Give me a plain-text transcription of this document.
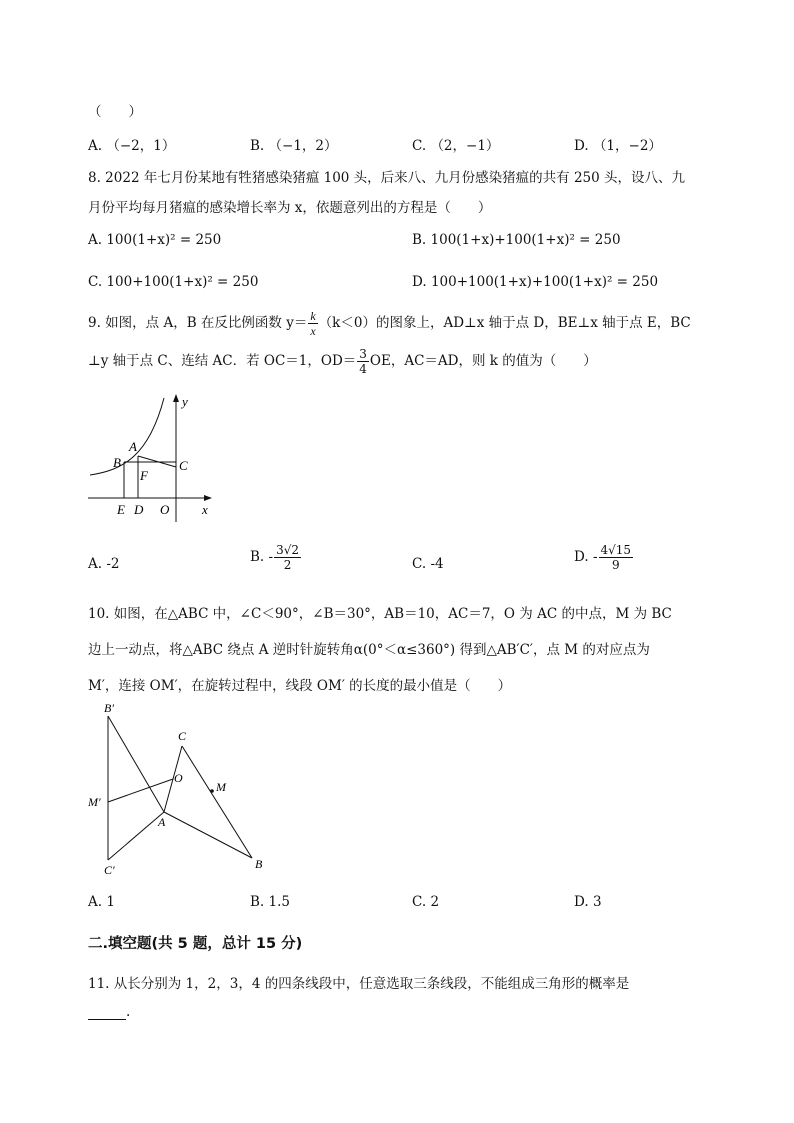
（　　）
A. （−2，1）	B. （−1，2）	C. （2，−1）	D. （1，−2）
8. 2022 年七月份某地有牲猪感染猪瘟 100 头，后来八、九月份感染猪瘟的共有 250 头，设八、九
月份平均每月猪瘟的感染增长率为 x，依题意列出的方程是（　　）
A. 100(1+x)² = 250	B. 100(1+x)+100(1+x)² = 250
C. 100+100(1+x)² = 250	D. 100+100(1+x)+100(1+x)² = 250
9. 如图，点 A，B 在反比例函数 $y= \frac{k}{x} (k<0)$的图象上，AD⊥x 轴于点 D，BE⊥x 轴于点 E，BC
⊥y 轴于点 C、连结 AC．若 OC＝1，$OD= \frac{3}{4}$ OE，AC＝AD，则 k 的值为（　　）
y
x
A
B	C
F
E D O
A. -2	B. - $\frac{3√2}{2}$	C. -4	D. - $\frac{4√15}{9}$
10. 如图，在△ABC 中，∠C＜90°，∠B＝30°，AB＝10，AC＝7，O 为 AC 的中点，M 为 BC
边上一动点，将△ABC 绕点 A 逆时针旋转角α(0°＜α≤360°) 得到△AB′C′，点 M 的对应点为
M′，连接 OM′，在旋转过程中，线段 OM′ 的长度的最小值是（　　）
B′
C
O
M
M′
A
C′	B
A. 1	B. 1.5	C. 2	D. 3
二.填空题(共 5 题，总计 15 分)
11. 从长分别为 1，2，3，4 的四条线段中，任意选取三条线段，不能组成三角形的概率是
.
